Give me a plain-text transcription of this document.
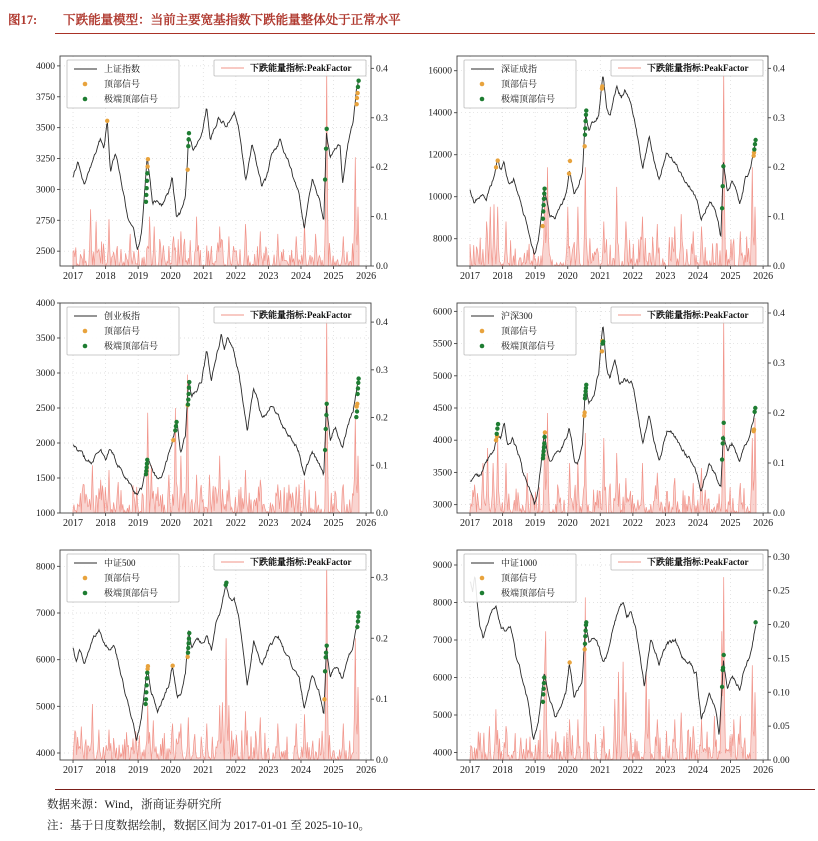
图17: 下跌能量模型：当前主要宽基指数下跌能量整体处于正常水平
2500
2750
3000
3250
3500
3750
4000
0.0
0.1
0.2
0.3
0.4
2017 2018 2019 2020 2021 2022 2023 2024 2025 2026
上证指数
顶部信号
极端顶部信号
下跌能量指标:PeakFactor
8000
10000
12000
14000
16000
0.0
0.1
0.2
0.3
0.4
2017 2018 2019 2020 2021 2022 2023 2024 2025 2026
深证成指
顶部信号
极端顶部信号
下跌能量指标:PeakFactor
1000
1500
2000
2500
3000
3500
4000
0.0
0.1
0.2
0.3
0.4
2017 2018 2019 2020 2021 2022 2023 2024 2025 2026
创业板指
顶部信号
极端顶部信号
下跌能量指标:PeakFactor
3000
3500
4000
4500
5000
5500
6000
0.0
0.1
0.2
0.3
0.4
2017 2018 2019 2020 2021 2022 2023 2024 2025 2026
沪深300
顶部信号
极端顶部信号
下跌能量指标:PeakFactor
4000
5000
6000
7000
8000
0.0
0.1
0.2
0.3
2017 2018 2019 2020 2021 2022 2023 2024 2025 2026
中证500
顶部信号
极端顶部信号
下跌能量指标:PeakFactor
4000
5000
6000
7000
8000
9000
0.00
0.05
0.10
0.15
0.20
0.25
0.30
2017 2018 2019 2020 2021 2022 2023 2024 2025 2026
中证1000
顶部信号
极端顶部信号
下跌能量指标:PeakFactor
数据来源：Wind，浙商证券研究所
注：基于日度数据绘制，数据区间为 2017-01-01 至 2025-10-10。
